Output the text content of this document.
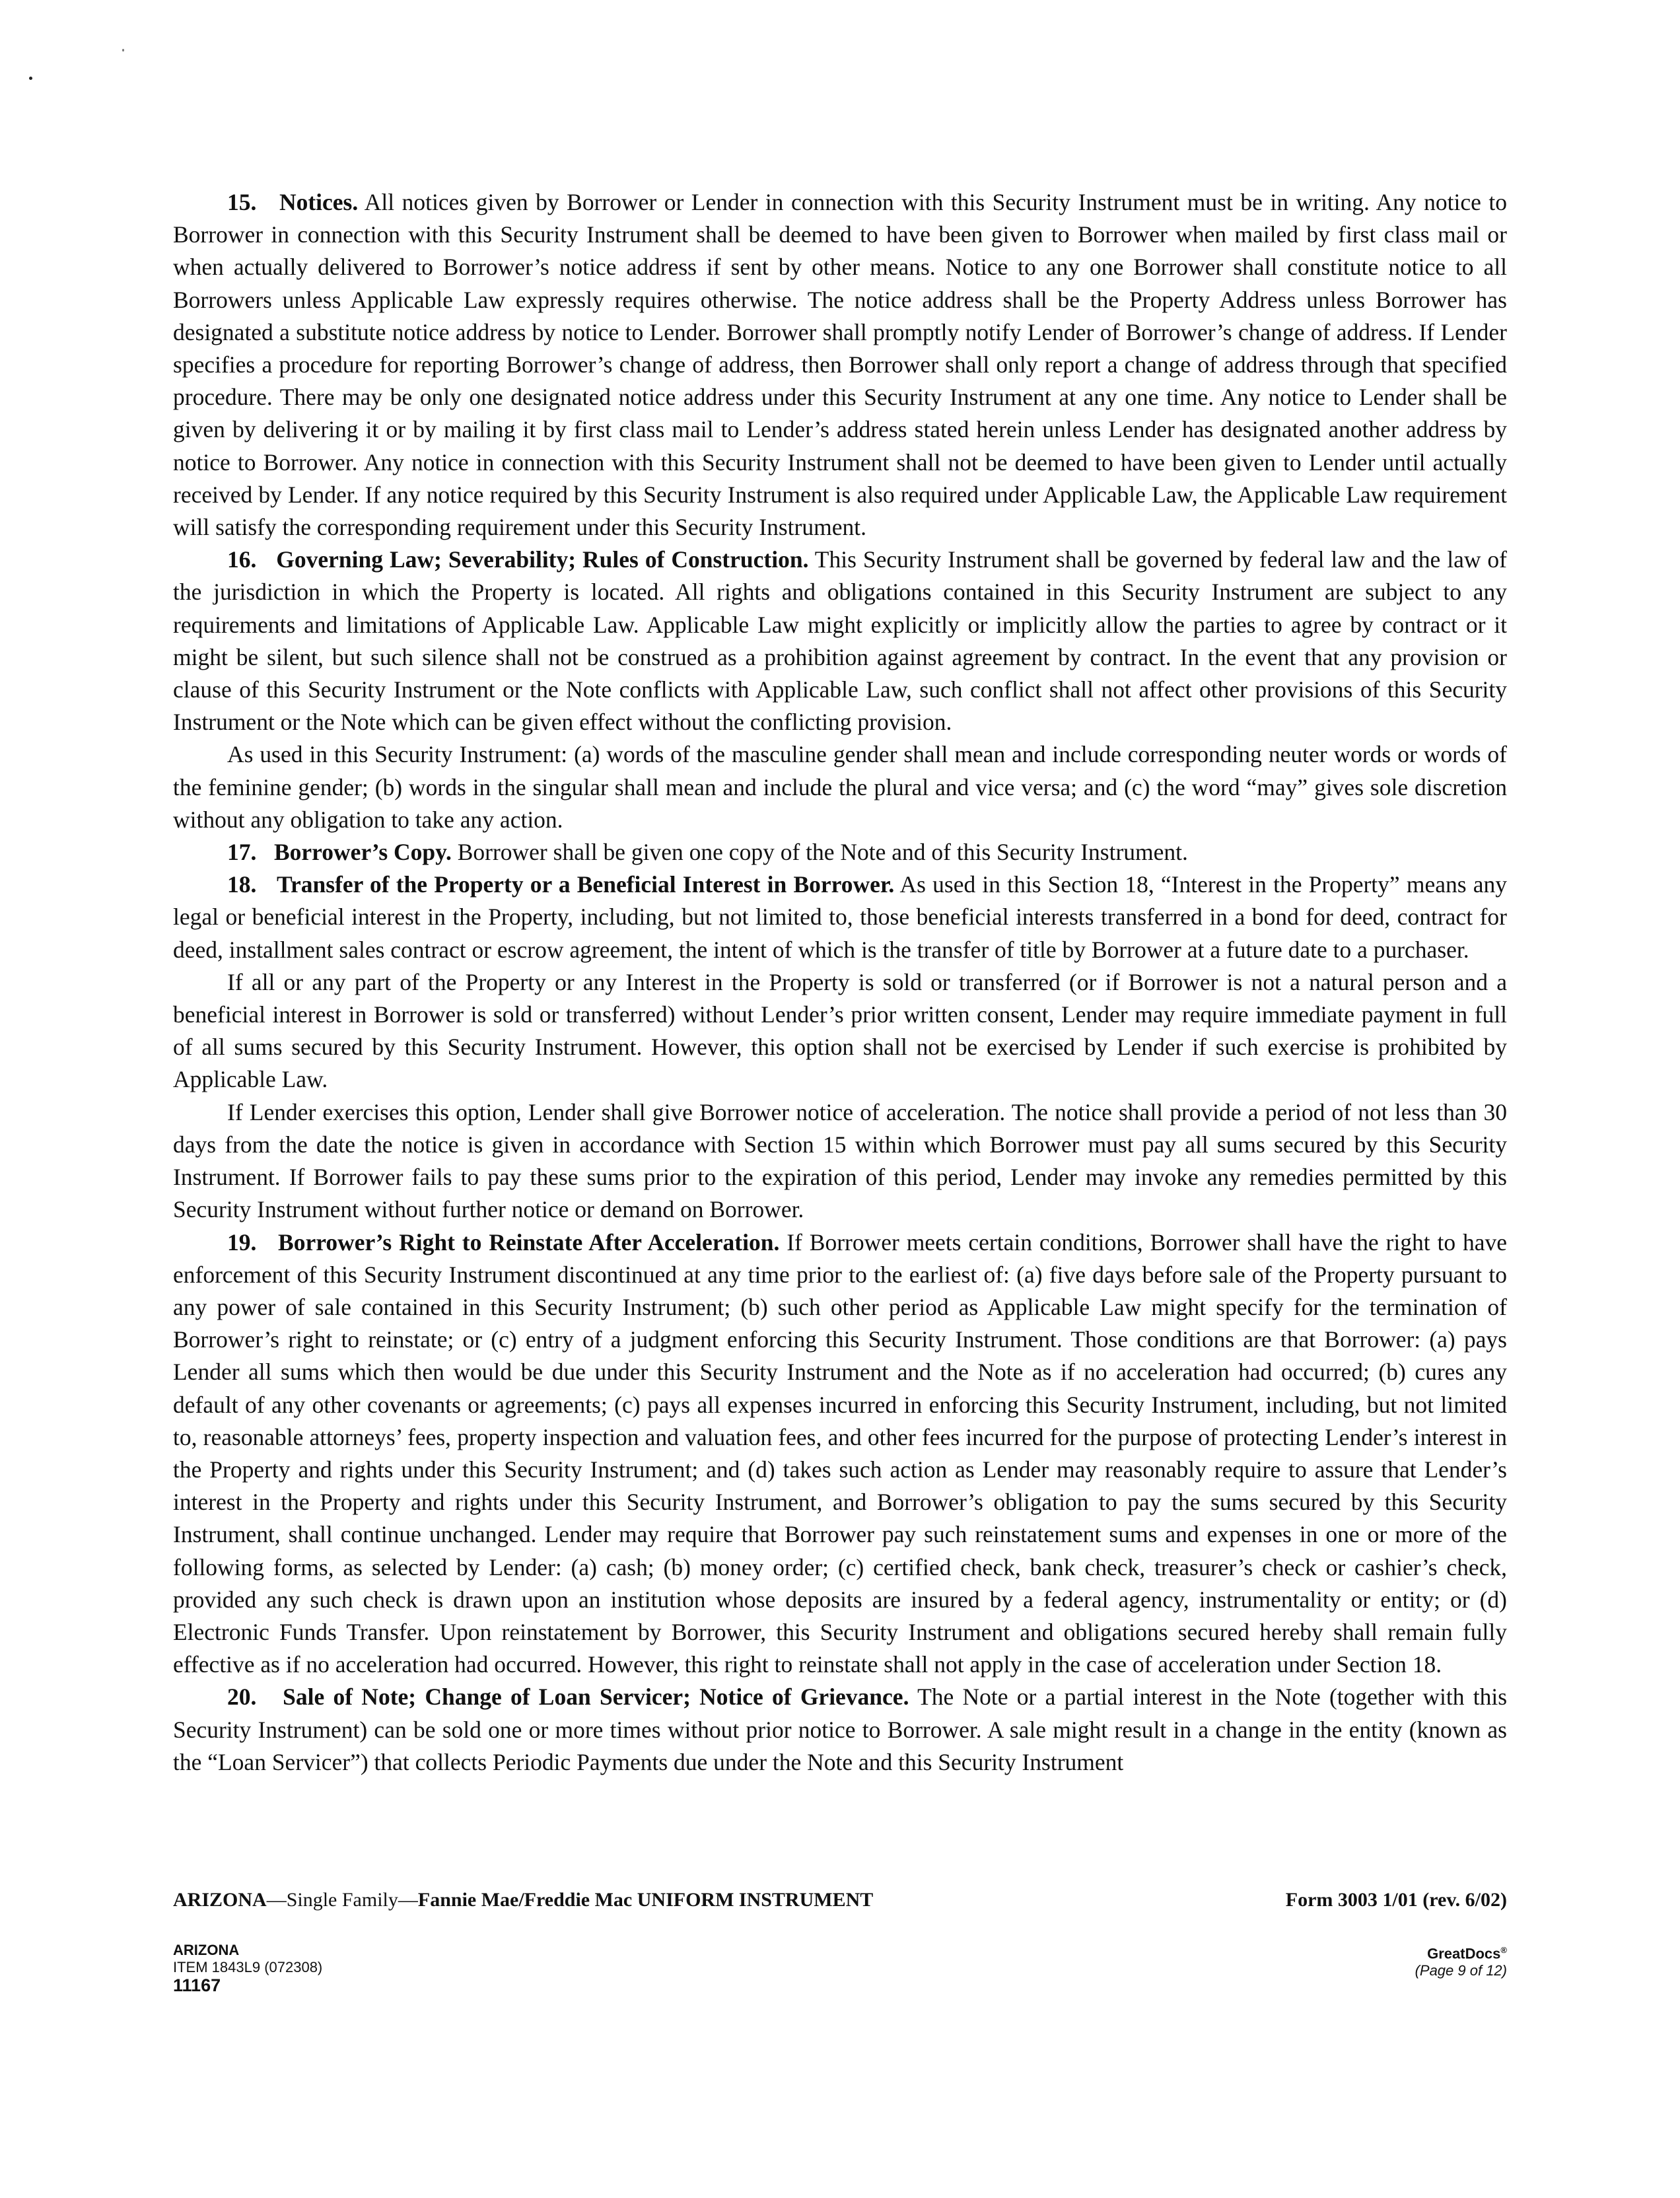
15. Notices. All notices given by Borrower or Lender in connection with this Security Instrument must be in writing. Any notice to Borrower in connection with this Security Instrument shall be deemed to have been given to Borrower when mailed by first class mail or when actually delivered to Borrower’s notice address if sent by other means. Notice to any one Borrower shall constitute notice to all Borrowers unless Applicable Law expressly requires otherwise. The notice address shall be the Property Address unless Borrower has designated a substitute notice address by notice to Lender. Borrower shall promptly notify Lender of Borrower’s change of address. If Lender specifies a procedure for reporting Borrower’s change of address, then Borrower shall only report a change of address through that specified procedure. There may be only one designated notice address under this Security Instrument at any one time. Any notice to Lender shall be given by delivering it or by mailing it by first class mail to Lender’s address stated herein unless Lender has designated another address by notice to Borrower. Any notice in connection with this Security Instrument shall not be deemed to have been given to Lender until actually received by Lender. If any notice required by this Security Instrument is also required under Applicable Law, the Applicable Law requirement will satisfy the corresponding requirement under this Security Instrument.

16. Governing Law; Severability; Rules of Construction. This Security Instrument shall be governed by federal law and the law of the jurisdiction in which the Property is located. All rights and obligations contained in this Security Instrument are subject to any requirements and limitations of Applicable Law. Applicable Law might explicitly or implicitly allow the parties to agree by contract or it might be silent, but such silence shall not be construed as a prohibition against agreement by contract. In the event that any provision or clause of this Security Instrument or the Note conflicts with Applicable Law, such conflict shall not affect other provisions of this Security Instrument or the Note which can be given effect without the conflicting provision.

As used in this Security Instrument: (a) words of the masculine gender shall mean and include corresponding neuter words or words of the feminine gender; (b) words in the singular shall mean and include the plural and vice versa; and (c) the word “may” gives sole discretion without any obligation to take any action.

17. Borrower’s Copy. Borrower shall be given one copy of the Note and of this Security Instrument.

18. Transfer of the Property or a Beneficial Interest in Borrower. As used in this Section 18, “Interest in the Property” means any legal or beneficial interest in the Property, including, but not limited to, those beneficial interests transferred in a bond for deed, contract for deed, installment sales contract or escrow agreement, the intent of which is the transfer of title by Borrower at a future date to a purchaser.

If all or any part of the Property or any Interest in the Property is sold or transferred (or if Borrower is not a natural person and a beneficial interest in Borrower is sold or transferred) without Lender’s prior written consent, Lender may require immediate payment in full of all sums secured by this Security Instrument. However, this option shall not be exercised by Lender if such exercise is prohibited by Applicable Law.

If Lender exercises this option, Lender shall give Borrower notice of acceleration. The notice shall provide a period of not less than 30 days from the date the notice is given in accordance with Section 15 within which Borrower must pay all sums secured by this Security Instrument. If Borrower fails to pay these sums prior to the expiration of this period, Lender may invoke any remedies permitted by this Security Instrument without further notice or demand on Borrower.

19. Borrower’s Right to Reinstate After Acceleration. If Borrower meets certain conditions, Borrower shall have the right to have enforcement of this Security Instrument discontinued at any time prior to the earliest of: (a) five days before sale of the Property pursuant to any power of sale contained in this Security Instrument; (b) such other period as Applicable Law might specify for the termination of Borrower’s right to reinstate; or (c) entry of a judgment enforcing this Security Instrument. Those conditions are that Borrower: (a) pays Lender all sums which then would be due under this Security Instrument and the Note as if no acceleration had occurred; (b) cures any default of any other covenants or agreements; (c) pays all expenses incurred in enforcing this Security Instrument, including, but not limited to, reasonable attorneys’ fees, property inspection and valuation fees, and other fees incurred for the purpose of protecting Lender’s interest in the Property and rights under this Security Instrument; and (d) takes such action as Lender may reasonably require to assure that Lender’s interest in the Property and rights under this Security Instrument, and Borrower’s obligation to pay the sums secured by this Security Instrument, shall continue unchanged. Lender may require that Borrower pay such reinstatement sums and expenses in one or more of the following forms, as selected by Lender: (a) cash; (b) money order; (c) certified check, bank check, treasurer’s check or cashier’s check, provided any such check is drawn upon an institution whose deposits are insured by a federal agency, instrumentality or entity; or (d) Electronic Funds Transfer. Upon reinstatement by Borrower, this Security Instrument and obligations secured hereby shall remain fully effective as if no acceleration had occurred. However, this right to reinstate shall not apply in the case of acceleration under Section 18.

20. Sale of Note; Change of Loan Servicer; Notice of Grievance. The Note or a partial interest in the Note (together with this Security Instrument) can be sold one or more times without prior notice to Borrower. A sale might result in a change in the entity (known as the “Loan Servicer”) that collects Periodic Payments due under the Note and this Security Instrument

ARIZONA—Single Family—Fannie Mae/Freddie Mac UNIFORM INSTRUMENT	Form 3003 1/01 (rev. 6/02)
ARIZONA
ITEM 1843L9 (072308)
11167
GreatDocs®
(Page 9 of 12)
